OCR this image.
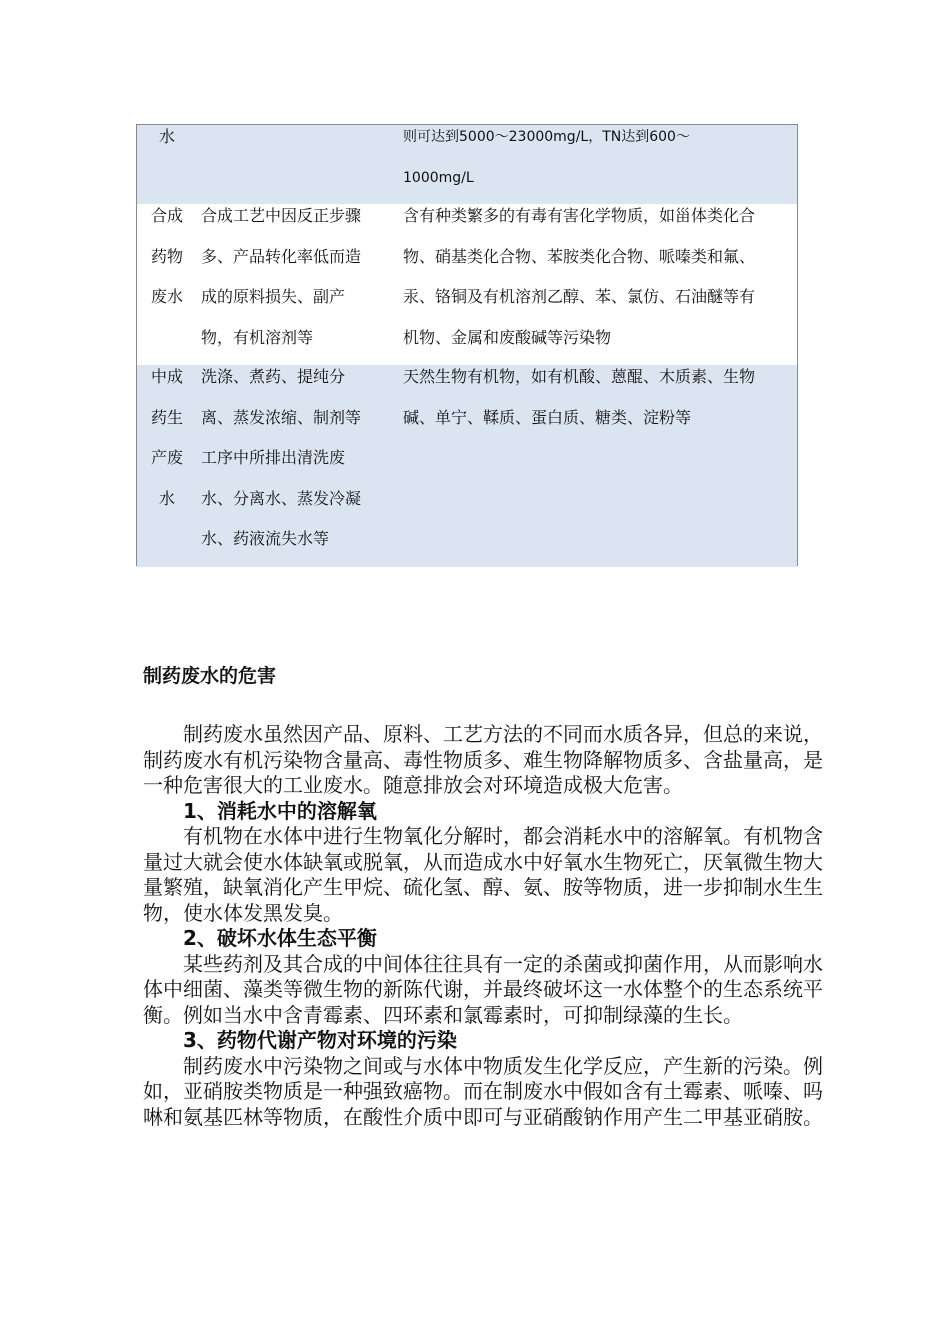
水	则可达到5000～23000mg/L，TN达到600～
1000mg/L
合成
药物
废水
合成工艺中因反正步骤
多、产品转化率低而造
成的原料损失、副产
物，有机溶剂等
含有种类繁多的有毒有害化学物质，如甾体类化合
物、硝基类化合物、苯胺类化合物、哌嗪类和氟、
汞、铬铜及有机溶剂乙醇、苯、氯仿、石油醚等有
机物、金属和废酸碱等污染物
中成
药生
产废
水
洗涤、煮药、提纯分
离、蒸发浓缩、制剂等
工序中所排出清洗废
水、分离水、蒸发冷凝
水、药液流失水等
天然生物有机物，如有机酸、蒽醌、木质素、生物
碱、单宁、鞣质、蛋白质、糖类、淀粉等
制药废水的危害

制药废水虽然因产品、原料、工艺方法的不同而水质各异，但总的来说，制药废水有机污染物含量高、毒性物质多、难生物降解物质多、含盐量高，是一种危害很大的工业废水。随意排放会对环境造成极大危害。

1、消耗水中的溶解氧

有机物在水体中进行生物氧化分解时，都会消耗水中的溶解氧。有机物含量过大就会使水体缺氧或脱氧，从而造成水中好氧水生物死亡，厌氧微生物大量繁殖，缺氧消化产生甲烷、硫化氢、醇、氨、胺等物质，进一步抑制水生生物，使水体发黑发臭。

2、破坏水体生态平衡

某些药剂及其合成的中间体往往具有一定的杀菌或抑菌作用，从而影响水体中细菌、藻类等微生物的新陈代谢，并最终破坏这一水体整个的生态系统平衡。例如当水中含青霉素、四环素和氯霉素时，可抑制绿藻的生长。

3、药物代谢产物对环境的污染

制药废水中污染物之间或与水体中物质发生化学反应，产生新的污染。例如，亚硝胺类物质是一种强致癌物。而在制废水中假如含有土霉素、哌嗪、吗啉和氨基匹林等物质，在酸性介质中即可与亚硝酸钠作用产生二甲基亚硝胺。
